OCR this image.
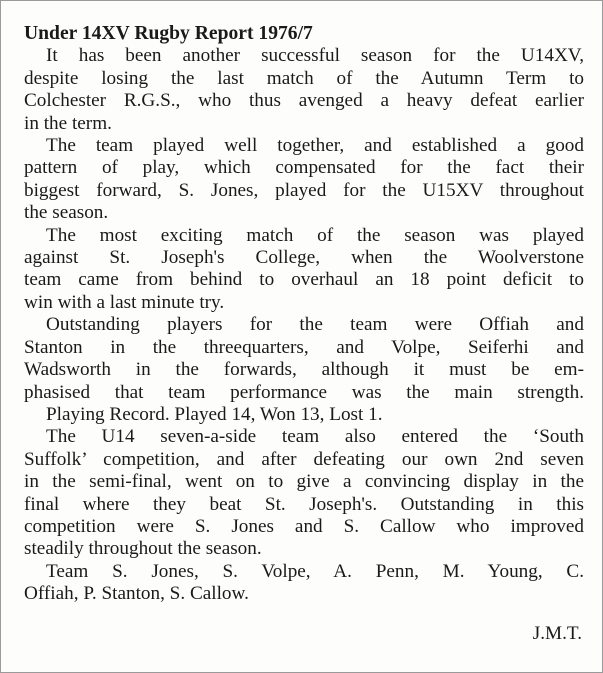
Under 14XV Rugby Report 1976/7
It has been another successful season for the U14XV,
despite losing the last match of the Autumn Term to
Colchester R.G.S., who thus avenged a heavy defeat earlier
in the term.
The team played well together, and established a good
pattern of play, which compensated for the fact their
biggest forward, S. Jones, played for the U15XV throughout
the season.
The most exciting match of the season was played
against St. Joseph's College, when the Woolverstone
team came from behind to overhaul an 18 point deficit to
win with a last minute try.
Outstanding players for the team were Offiah and
Stanton in the threequarters, and Volpe, Seiferhi and
Wadsworth in the forwards, although it must be em-
phasised that team performance was the main strength.
Playing Record. Played 14, Won 13, Lost 1.
The U14 seven-a-side team also entered the ‘South
Suffolk’ competition, and after defeating our own 2nd seven
in the semi-final, went on to give a convincing display in the
final where they beat St. Joseph's. Outstanding in this
competition were S. Jones and S. Callow who improved
steadily throughout the season.
Team S. Jones, S. Volpe, A. Penn, M. Young, C.
Offiah, P. Stanton, S. Callow.
J.M.T.
